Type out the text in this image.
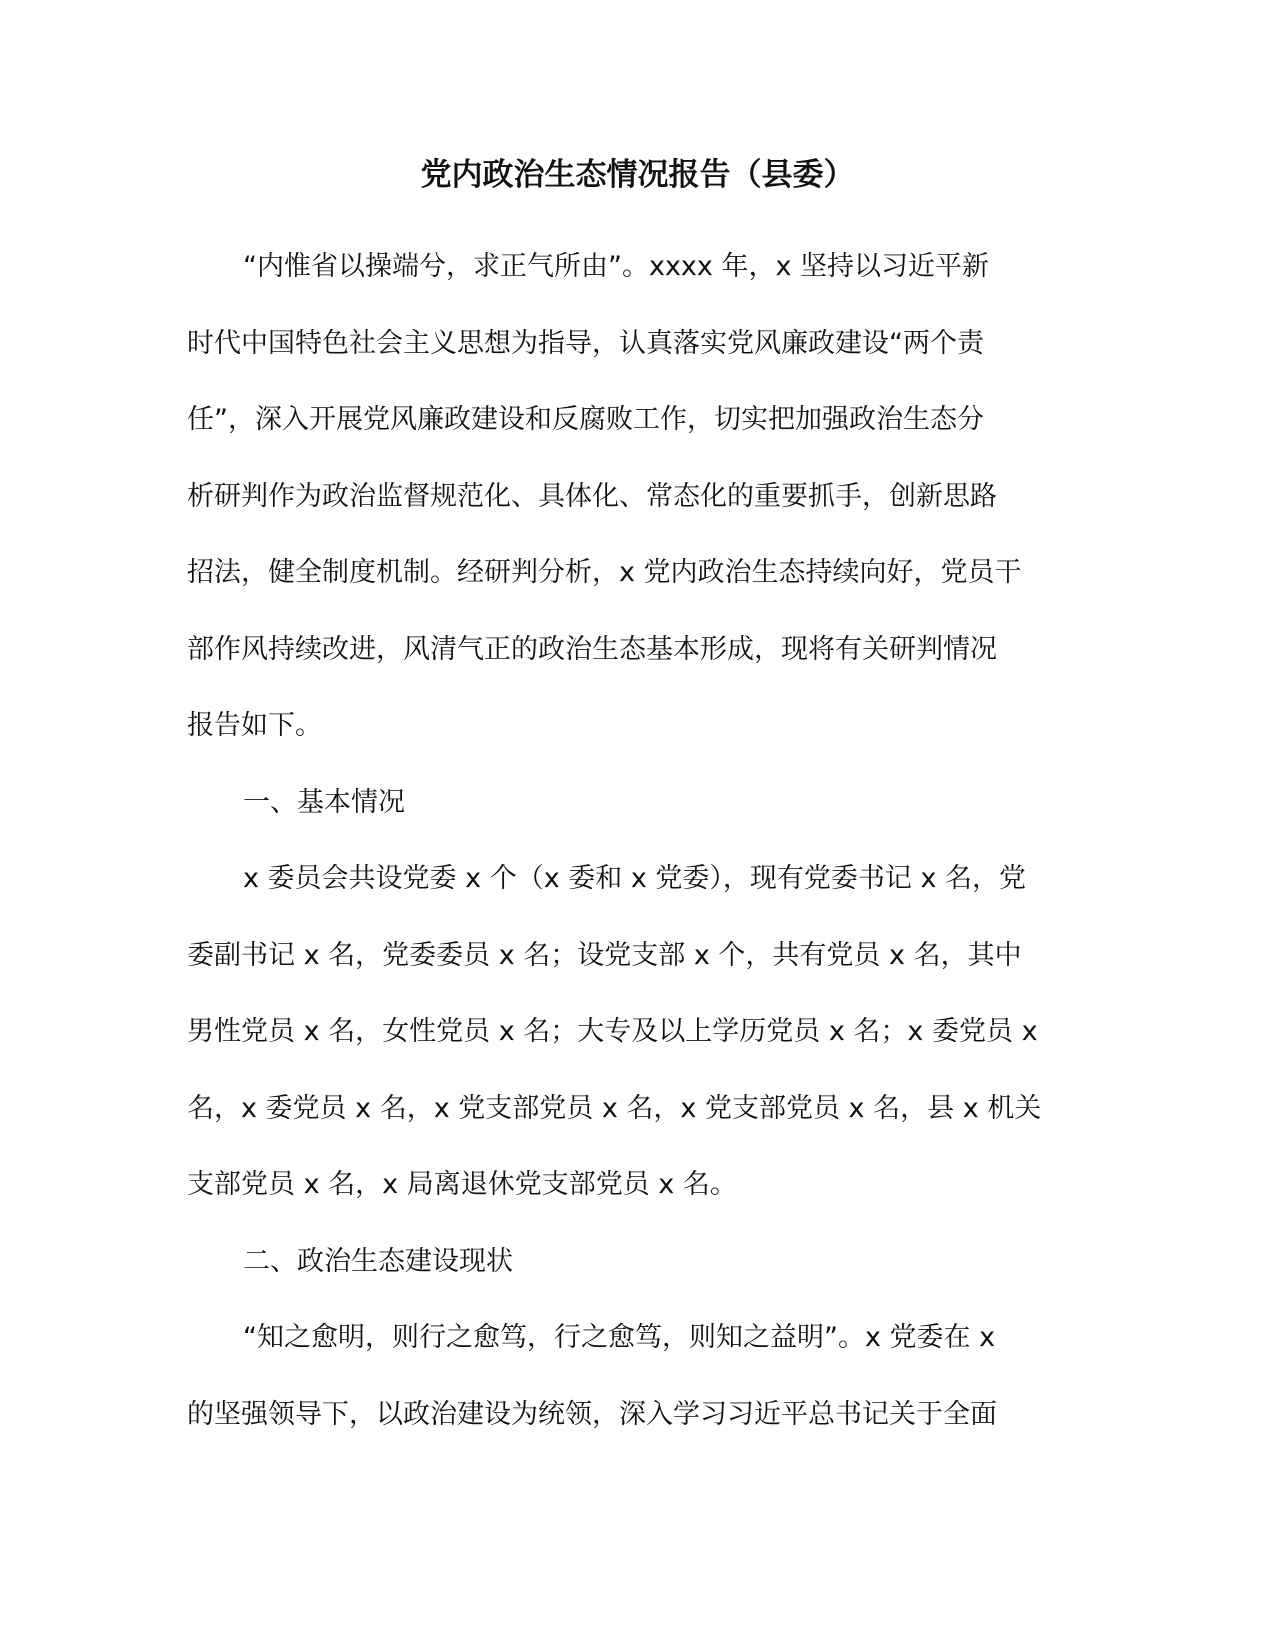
党内政治生态情况报告（县委）
“内惟省以操端兮，求正气所由”。xxxx 年，x 坚持以习近平新
时代中国特色社会主义思想为指导，认真落实党风廉政建设“两个责
任”，深入开展党风廉政建设和反腐败工作，切实把加强政治生态分
析研判作为政治监督规范化、具体化、常态化的重要抓手，创新思路
招法，健全制度机制。经研判分析，x 党内政治生态持续向好，党员干
部作风持续改进，风清气正的政治生态基本形成，现将有关研判情况
报告如下。
一、基本情况
x 委员会共设党委 x 个（x 委和 x 党委），现有党委书记 x 名，党
委副书记 x 名，党委委员 x 名；设党支部 x 个，共有党员 x 名，其中
男性党员 x 名，女性党员 x 名；大专及以上学历党员 x 名；x 委党员 x
名，x 委党员 x 名，x 党支部党员 x 名，x 党支部党员 x 名，县 x 机关
支部党员 x 名，x 局离退休党支部党员 x 名。
二、政治生态建设现状
“知之愈明，则行之愈笃，行之愈笃，则知之益明”。x 党委在 x
的坚强领导下，以政治建设为统领，深入学习习近平总书记关于全面
